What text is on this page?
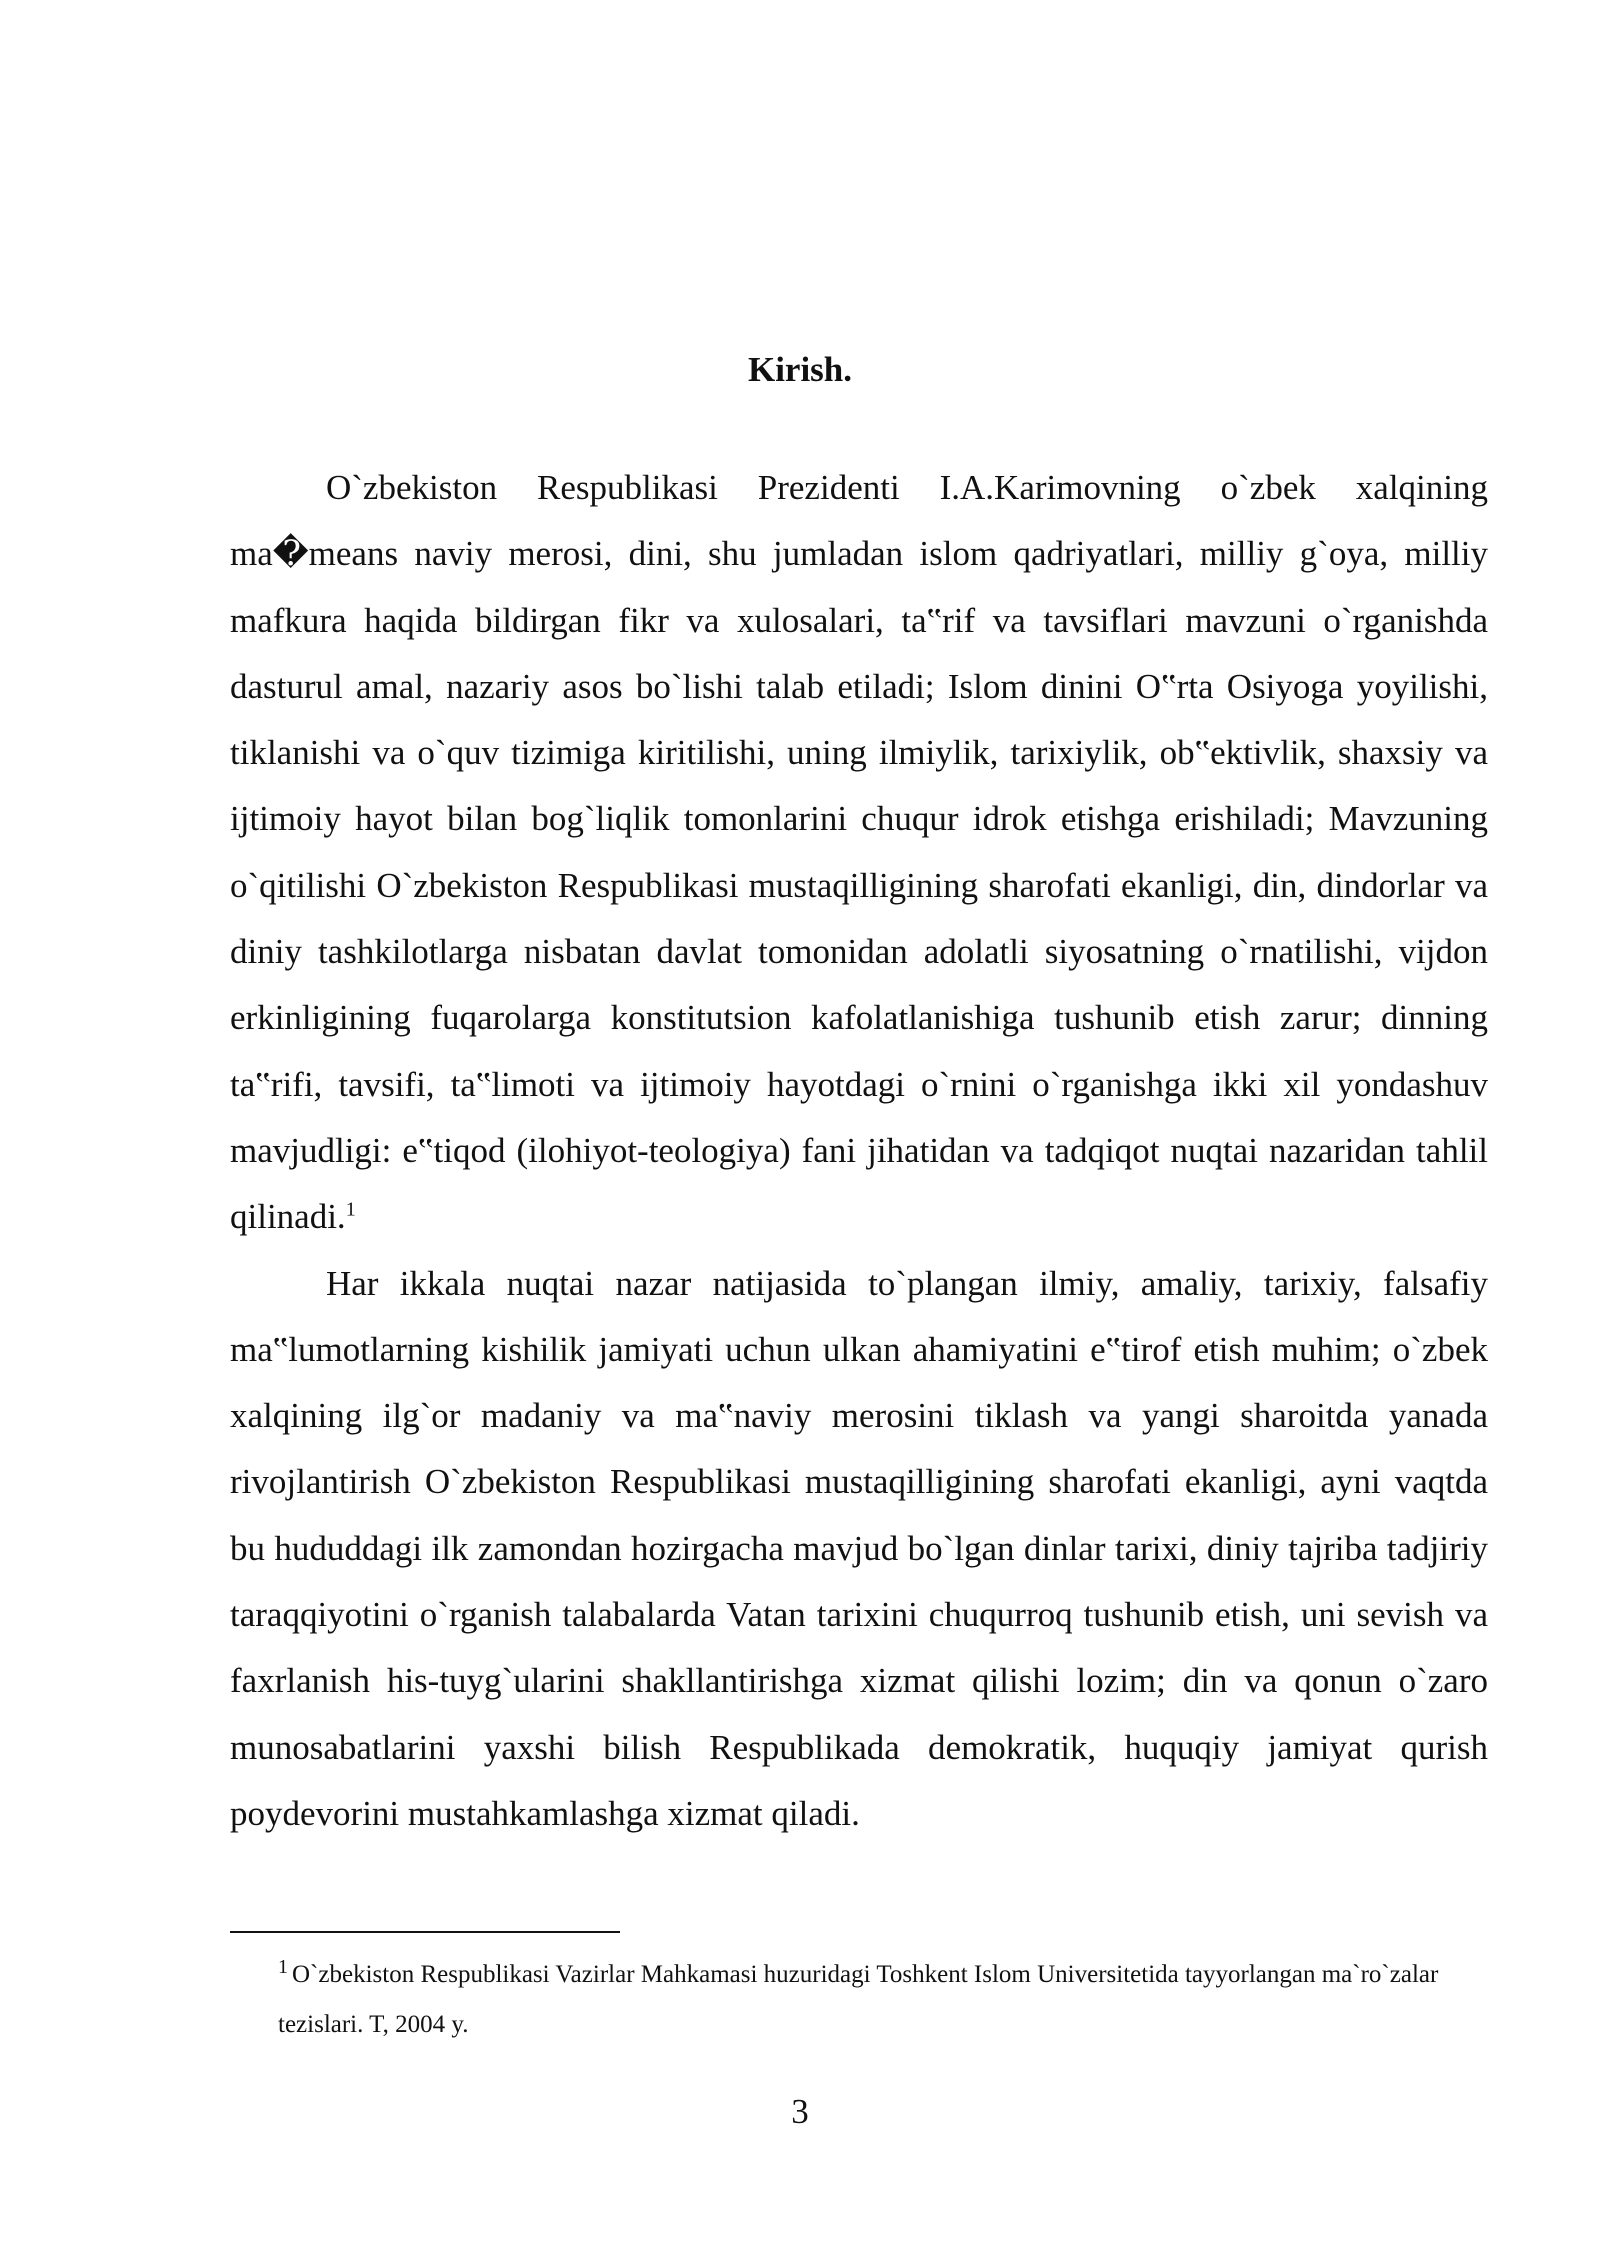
Kirish.

O`zbekiston Respublikasi Prezidenti I.A.Karimovning o`zbek xalqining ma�means naviy merosi, dini, shu jumladan islom qadriyatlari, milliy g`oya, milliy mafkura haqida bildirgan fikr va xulosalari, ta‟rif va tavsiflari mavzuni o`rganishda dasturul amal, nazariy asos bo`lishi talab etiladi; Islom dinini O‟rta Osiyoga yoyilishi, tiklanishi va o`quv tizimiga kiritilishi, uning ilmiylik, tarixiylik, ob‟ektivlik, shaxsiy va ijtimoiy hayot bilan bog`liqlik tomonlarini chuqur idrok etishga erishiladi; Mavzuning o`qitilishi O`zbekiston Respublikasi mustaqilligining sharofati ekanligi, din, dindorlar va diniy tashkilotlarga nisbatan davlat tomonidan adolatli siyosatning o`rnatilishi, vijdon erkinligining fuqarolarga konstitutsion kafolatlanishiga tushunib etish zarur; dinning ta‟rifi, tavsifi, ta‟limoti va ijtimoiy hayotdagi o`rnini o`rganishga ikki xil yondashuv mavjudligi: e‟tiqod (ilohiyot-teologiya) fani jihatidan va tadqiqot nuqtai nazaridan tahlil qilinadi.$^1$

Har ikkala nuqtai nazar natijasida to`plangan ilmiy, amaliy, tarixiy, falsafiy ma‟lumotlarning kishilik jamiyati uchun ulkan ahamiyatini e‟tirof etish muhim; o`zbek xalqining ilg`or madaniy va ma‟naviy merosini tiklash va yangi sharoitda yanada rivojlantirish O`zbekiston Respublikasi mustaqilligining sharofati ekanligi, ayni vaqtda bu hududdagi ilk zamondan hozirgacha mavjud bo`lgan dinlar tarixi, diniy tajriba tadjiriy taraqqiyotini o`rganish talabalarda Vatan tarixini chuqurroq tushunib etish, uni sevish va faxrlanish his-tuyg`ularini shakllantirishga xizmat qilishi lozim; din va qonun o`zaro munosabatlarini yaxshi bilish Respublikada demokratik, huquqiy jamiyat qurish poydevorini mustahkamlashga xizmat qiladi.

$^1$ O`zbekiston Respublikasi Vazirlar Mahkamasi huzuridagi Toshkent Islom Universitetida tayyorlangan ma`ro`zalar tezislari. T, 2004 y.
3
